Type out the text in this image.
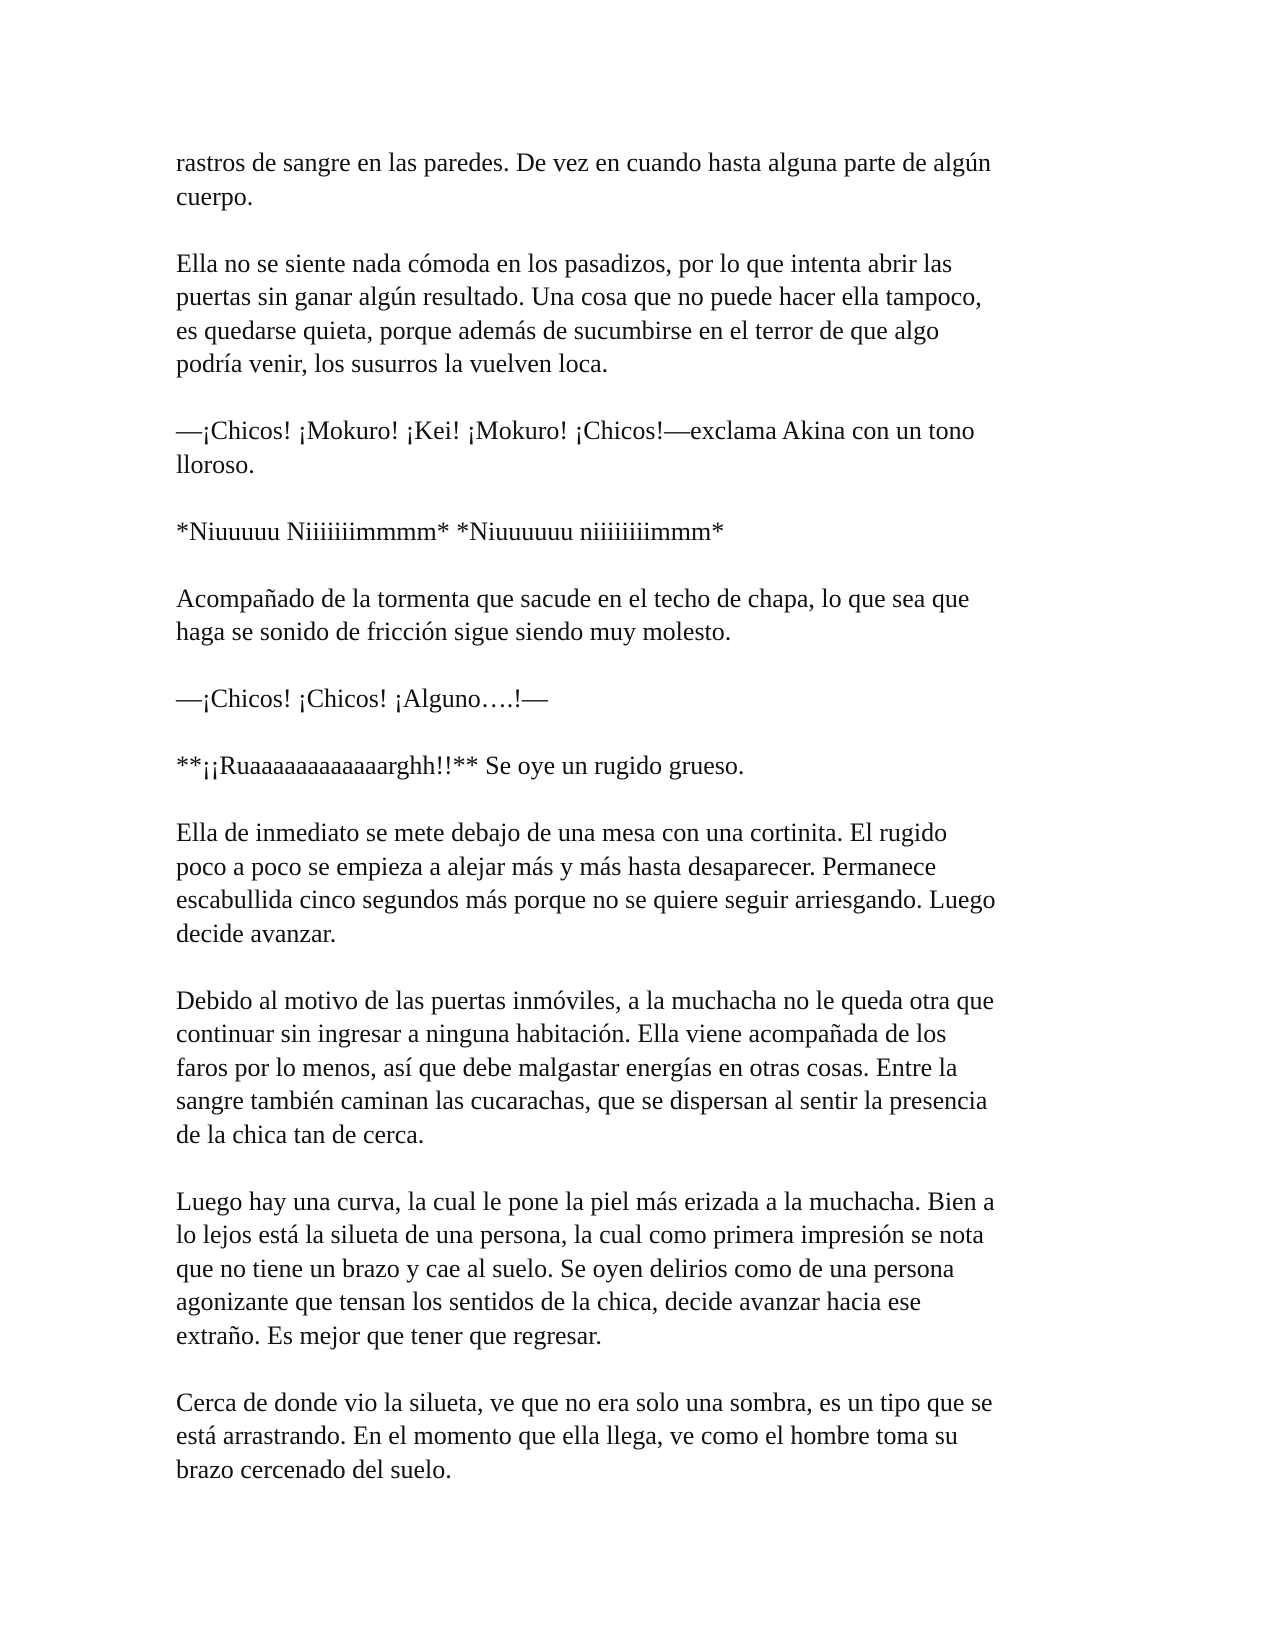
rastros de sangre en las paredes. De vez en cuando hasta alguna parte de algún
cuerpo.

Ella no se siente nada cómoda en los pasadizos, por lo que intenta abrir las
puertas sin ganar algún resultado. Una cosa que no puede hacer ella tampoco,
es quedarse quieta, porque además de sucumbirse en el terror de que algo
podría venir, los susurros la vuelven loca.

—¡Chicos! ¡Mokuro! ¡Kei! ¡Mokuro! ¡Chicos!—exclama Akina con un tono
lloroso.

*Niuuuuu Niiiiiiimmmm* *Niuuuuuu niiiiiiiimmm*

Acompañado de la tormenta que sacude en el techo de chapa, lo que sea que
haga se sonido de fricción sigue siendo muy molesto.

—¡Chicos! ¡Chicos! ¡Alguno….!—

**¡¡Ruaaaaaaaaaaaarghh!!** Se oye un rugido grueso.

Ella de inmediato se mete debajo de una mesa con una cortinita. El rugido
poco a poco se empieza a alejar más y más hasta desaparecer. Permanece
escabullida cinco segundos más porque no se quiere seguir arriesgando. Luego
decide avanzar.

Debido al motivo de las puertas inmóviles, a la muchacha no le queda otra que
continuar sin ingresar a ninguna habitación. Ella viene acompañada de los
faros por lo menos, así que debe malgastar energías en otras cosas. Entre la
sangre también caminan las cucarachas, que se dispersan al sentir la presencia
de la chica tan de cerca.

Luego hay una curva, la cual le pone la piel más erizada a la muchacha. Bien a
lo lejos está la silueta de una persona, la cual como primera impresión se nota
que no tiene un brazo y cae al suelo. Se oyen delirios como de una persona
agonizante que tensan los sentidos de la chica, decide avanzar hacia ese
extraño. Es mejor que tener que regresar.

Cerca de donde vio la silueta, ve que no era solo una sombra, es un tipo que se
está arrastrando. En el momento que ella llega, ve como el hombre toma su
brazo cercenado del suelo.
